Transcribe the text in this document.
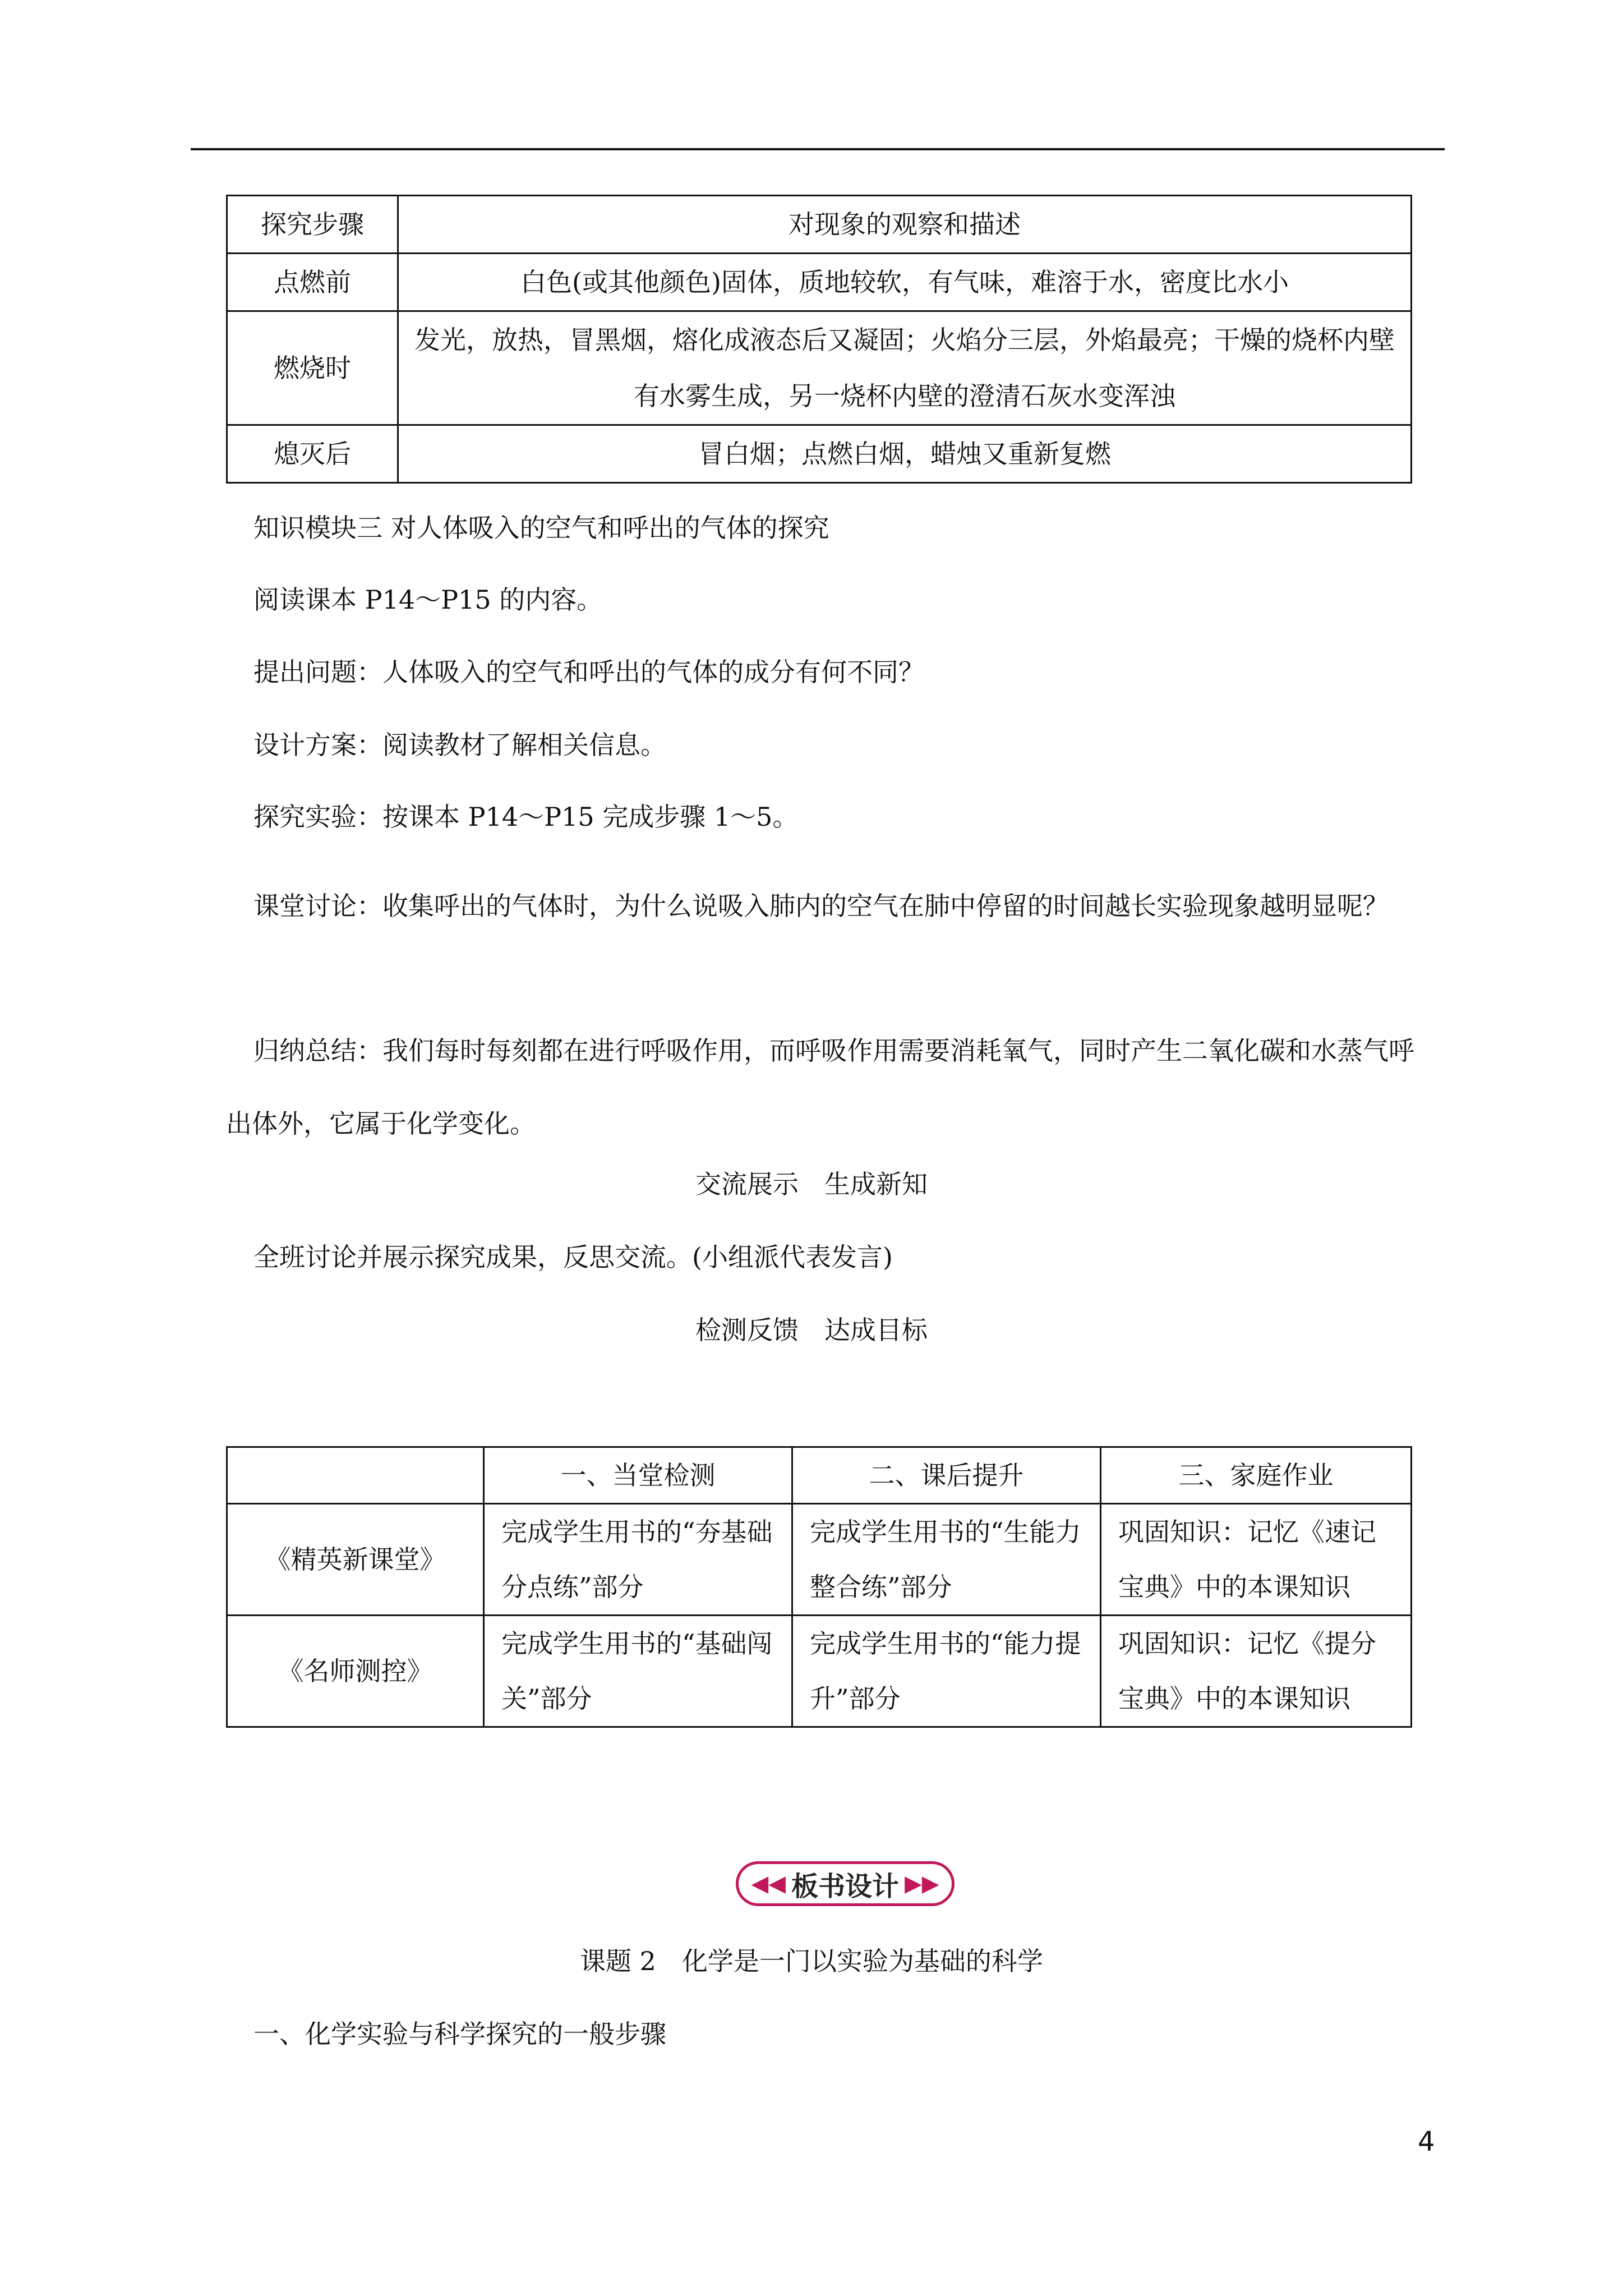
探究步骤	对现象的观察和描述
点燃前	白色(或其他颜色)固体，质地较软，有气味，难溶于水，密度比水小
燃烧时	发光，放热，冒黑烟，熔化成液态后又凝固；火焰分三层，外焰最亮；干燥的烧杯内壁有水雾生成，另一烧杯内壁的澄清石灰水变浑浊
熄灭后	冒白烟；点燃白烟，蜡烛又重新复燃
知识模块三 对人体吸入的空气和呼出的气体的探究
阅读课本 P14～P15 的内容。
提出问题：人体吸入的空气和呼出的气体的成分有何不同？
设计方案：阅读教材了解相关信息。
探究实验：按课本 P14～P15 完成步骤 1～5。
课堂讨论：收集呼出的气体时，为什么说吸入肺内的空气在肺中停留的时间越长实验现象越明显呢？
归纳总结：我们每时每刻都在进行呼吸作用，而呼吸作用需要消耗氧气，同时产生二氧化碳和水蒸气呼出体外，它属于化学变化。
交流展示　生成新知
全班讨论并展示探究成果，反思交流。(小组派代表发言)
检测反馈　达成目标
	一、当堂检测	二、课后提升	三、家庭作业
《精英新课堂》	完成学生用书的“夯基础分点练”部分	完成学生用书的“生能力整合练”部分	巩固知识：记忆《速记宝典》中的本课知识
《名师测控》	完成学生用书的“基础闯关”部分	完成学生用书的“能力提升”部分	巩固知识：记忆《提分宝典》中的本课知识
◀◀ 板书设计 ▶▶
课题 2　化学是一门以实验为基础的科学
一、化学实验与科学探究的一般步骤
4
